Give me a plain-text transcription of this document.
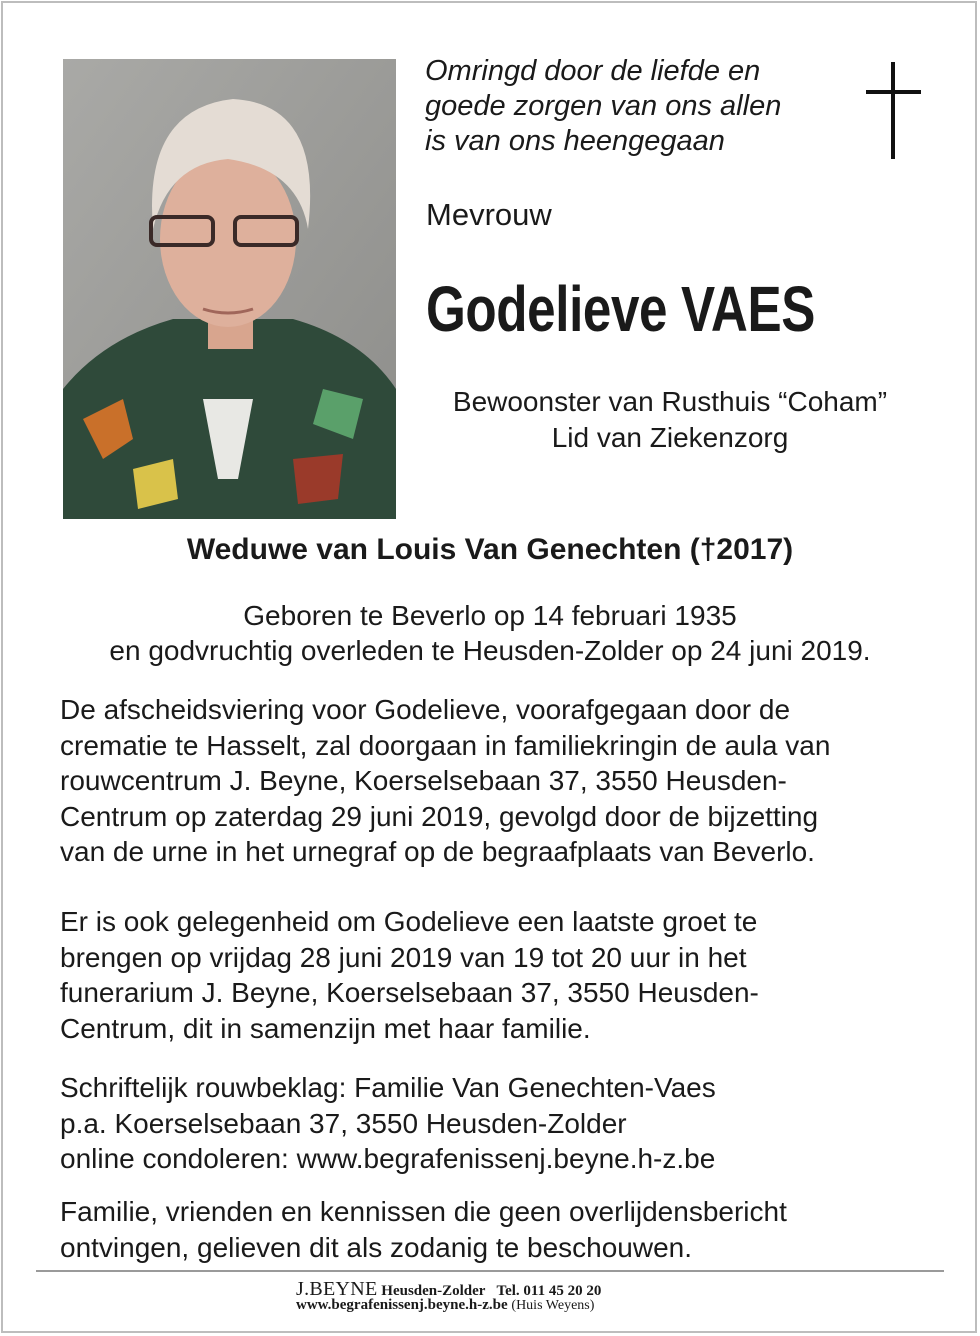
Omringd door de liefde en
goede zorgen van ons allen
is van ons heengegaan
Mevrouw
Godelieve VAES
Bewoonster van Rusthuis “Coham”
Lid van Ziekenzorg
Weduwe van Louis Van Genechten (†2017)
Geboren te Beverlo op 14 februari 1935
en godvruchtig overleden te Heusden-Zolder op 24 juni 2019.
De afscheidsviering voor Godelieve, voorafgegaan door de
crematie te Hasselt, zal doorgaan in familiekringin de aula van
rouwcentrum J. Beyne, Koerselsebaan 37, 3550 Heusden-
Centrum op zaterdag 29 juni 2019, gevolgd door de bijzetting
van de urne in het urnegraf op de begraafplaats van Beverlo.
Er is ook gelegenheid om Godelieve een laatste groet te
brengen op vrijdag 28 juni 2019 van 19 tot 20 uur in het
funerarium J. Beyne, Koerselsebaan 37, 3550 Heusden-
Centrum, dit in samenzijn met haar familie.
Schriftelijk rouwbeklag: Familie Van Genechten-Vaes
p.a. Koerselsebaan 37, 3550 Heusden-Zolder
online condoleren: www.begrafenissenj.beyne.h-z.be
Familie, vrienden en kennissen die geen overlijdensbericht
ontvingen, gelieven dit als zodanig te beschouwen.
J.BEYNE Heusden-Zolder Tel. 011 45 20 20
www.begrafenissenj.beyne.h-z.be (Huis Weyens)
